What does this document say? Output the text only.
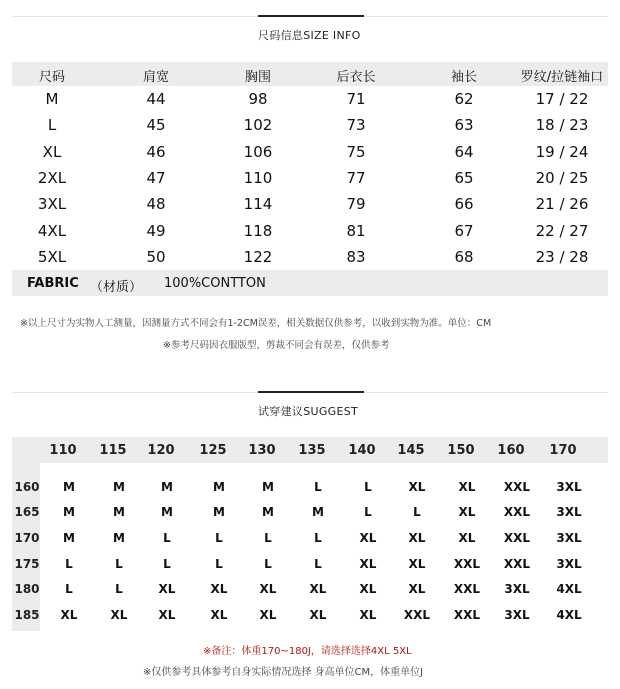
尺码信息SIZE INFO
尺码	肩宽	胸围	后衣长	袖长	罗纹/拉链袖口
M	44	98	71	62	17 / 22
L	45	102	73	63	18 / 23
XL	46	106	75	64	19 / 24
2XL	47	110	77	65	20 / 25
3XL	48	114	79	66	21 / 26
4XL	49	118	81	67	22 / 27
5XL	50	122	83	68	23 / 28
FABRIC （材质） 100%CONTTON
※以上尺寸为实物人工测量，因测量方式不同会有1-2CM误差，相关数据仅供参考，以收到实物为准。单位：CM
※参考尺码因衣服版型，剪裁不同会有误差，仅供参考
试穿建议SUGGEST
110 115 120 125 130 135 140 145 150 160 170
160 M	M	M	M	M	L	L	XL	XL XXL 3XL
165 M	M	M	M	M	M	L	L	XL XXL 3XL
170 M	M	L	L	L	L	XL	XL	XL XXL 3XL
175 L	L	L	L	L	L	XL	XL XXL XXL 3XL
180 L	L	XL	XL	XL	XL	XL	XL XXL 3XL 4XL
185 XL	XL	XL	XL	XL	XL	XL XXL XXL 3XL 4XL
※备注：体重170~180J，请选择选择4XL 5XL
※仅供参考具体参考自身实际情况选择 身高单位CM，体重单位J
